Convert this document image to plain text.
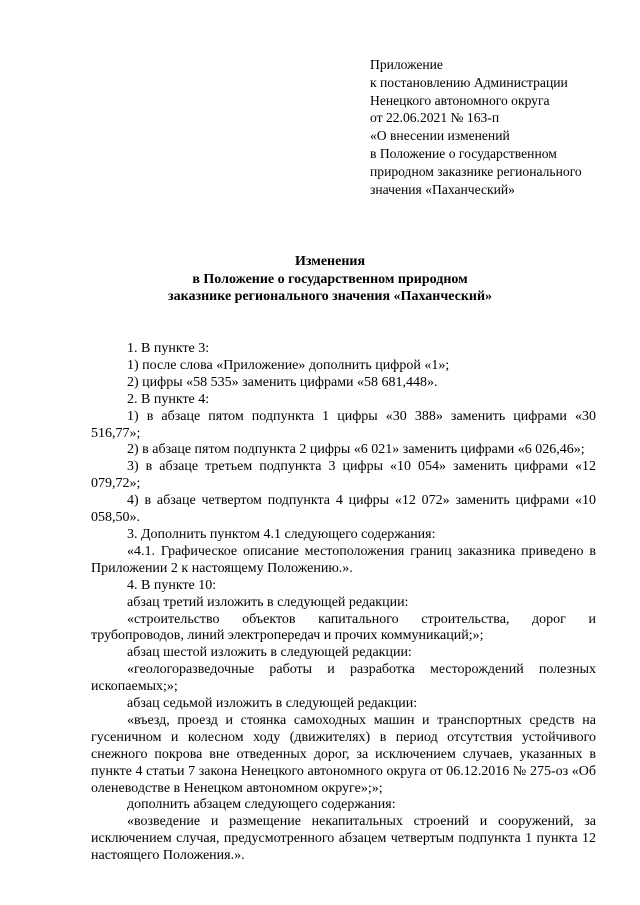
Приложение
к постановлению Администрации
Ненецкого автономного округа
от 22.06.2021 № 163-п
«О внесении изменений
в Положение о государственном
природном заказнике регионального
значения «Паханческий»
Изменения
в Положение о государственном природном
заказнике регионального значения «Паханческий»

1. В пункте 3:

1) после слова «Приложение» дополнить цифрой «1»;

2) цифры «58 535» заменить цифрами «58 681,448».

2. В пункте 4:

1) в абзаце пятом подпункта 1 цифры «30 388» заменить цифрами «30 516,77»;

2) в абзаце пятом подпункта 2 цифры «6 021» заменить цифрами «6 026,46»;

3) в абзаце третьем подпункта 3 цифры «10 054» заменить цифрами «12 079,72»;

4) в абзаце четвертом подпункта 4 цифры «12 072» заменить цифрами «10 058,50».

3. Дополнить пунктом 4.1 следующего содержания:

«4.1. Графическое описание местоположения границ заказника приведено в Приложении 2 к настоящему Положению.».

4. В пункте 10:

абзац третий изложить в следующей редакции:

«строительство объектов капитального строительства, дорог и трубопроводов, линий электропередач и прочих коммуникаций;»;

абзац шестой изложить в следующей редакции:

«геологоразведочные работы и разработка месторождений полезных ископаемых;»;

абзац седьмой изложить в следующей редакции:

«въезд, проезд и стоянка самоходных машин и транспортных средств на гусеничном и колесном ходу (движителях) в период отсутствия устойчивого снежного покрова вне отведенных дорог, за исключением случаев, указанных в пункте 4 статьи 7 закона Ненецкого автономного округа от 06.12.2016 № 275-оз «Об оленеводстве в Ненецком автономном округе»;»;

дополнить абзацем следующего содержания:

«возведение и размещение некапитальных строений и сооружений, за исключением случая, предусмотренного абзацем четвертым подпункта 1 пункта 12 настоящего Положения.».
